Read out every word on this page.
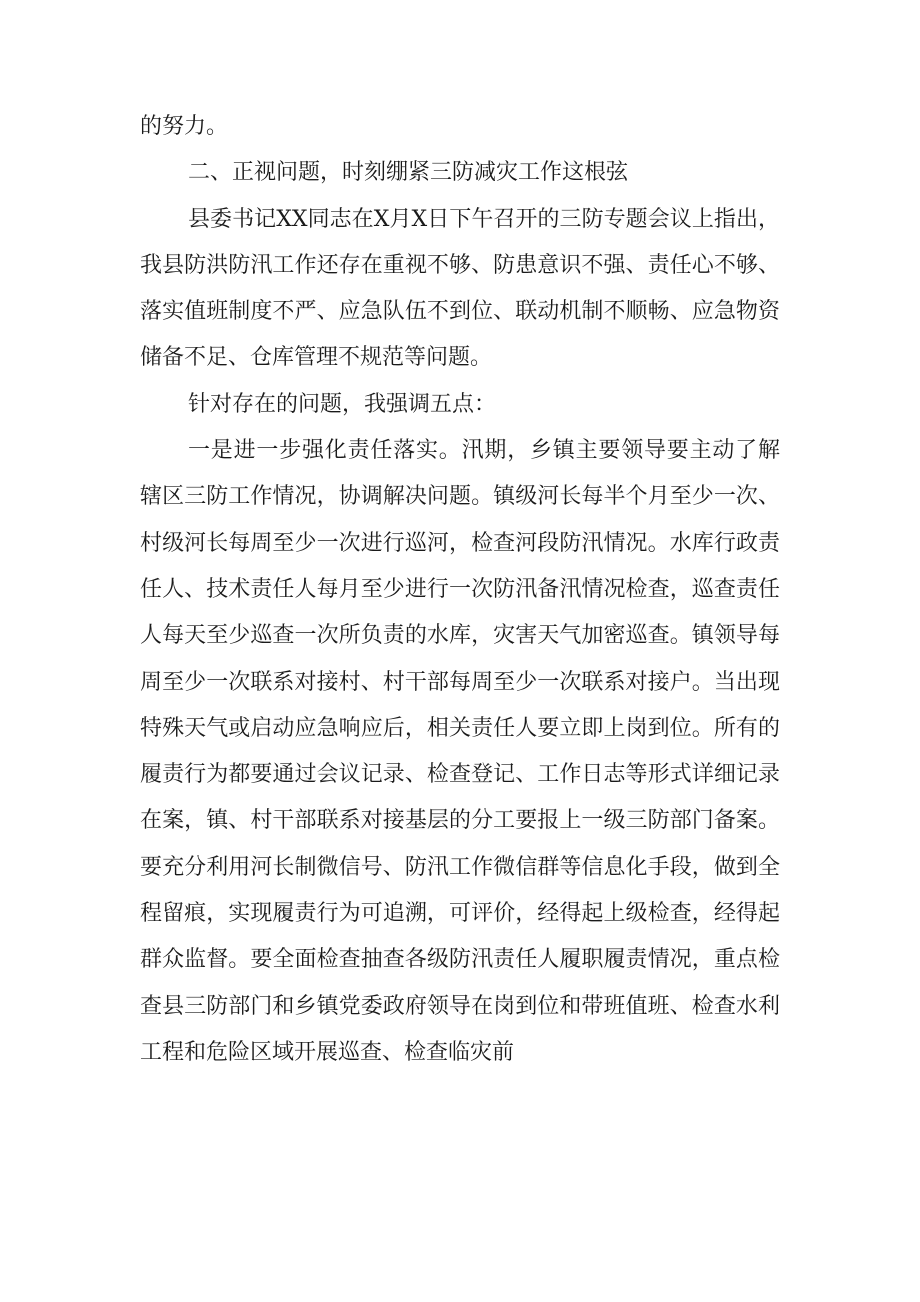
的努力。

二、正视问题，时刻绷紧三防减灾工作这根弦

县委书记XX同志在X月X日下午召开的三防专题会议上指出，我县防洪防汛工作还存在重视不够、防患意识不强、责任心不够、落实值班制度不严、应急队伍不到位、联动机制不顺畅、应急物资储备不足、仓库管理不规范等问题。

针对存在的问题，我强调五点：

一是进一步强化责任落实。汛期，乡镇主要领导要主动了解辖区三防工作情况，协调解决问题。镇级河长每半个月至少一次、村级河长每周至少一次进行巡河，检查河段防汛情况。水库行政责任人、技术责任人每月至少进行一次防汛备汛情况检查，巡查责任人每天至少巡查一次所负责的水库，灾害天气加密巡查。镇领导每周至少一次联系对接村、村干部每周至少一次联系对接户。当出现特殊天气或启动应急响应后，相关责任人要立即上岗到位。所有的履责行为都要通过会议记录、检查登记、工作日志等形式详细记录在案，镇、村干部联系对接基层的分工要报上一级三防部门备案。要充分利用河长制微信号、防汛工作微信群等信息化手段，做到全程留痕，实现履责行为可追溯，可评价，经得起上级检查，经得起群众监督。要全面检查抽查各级防汛责任人履职履责情况，重点检查县三防部门和乡镇党委政府领导在岗到位和带班值班、检查水利工程和危险区域开展巡查、检查临灾前
